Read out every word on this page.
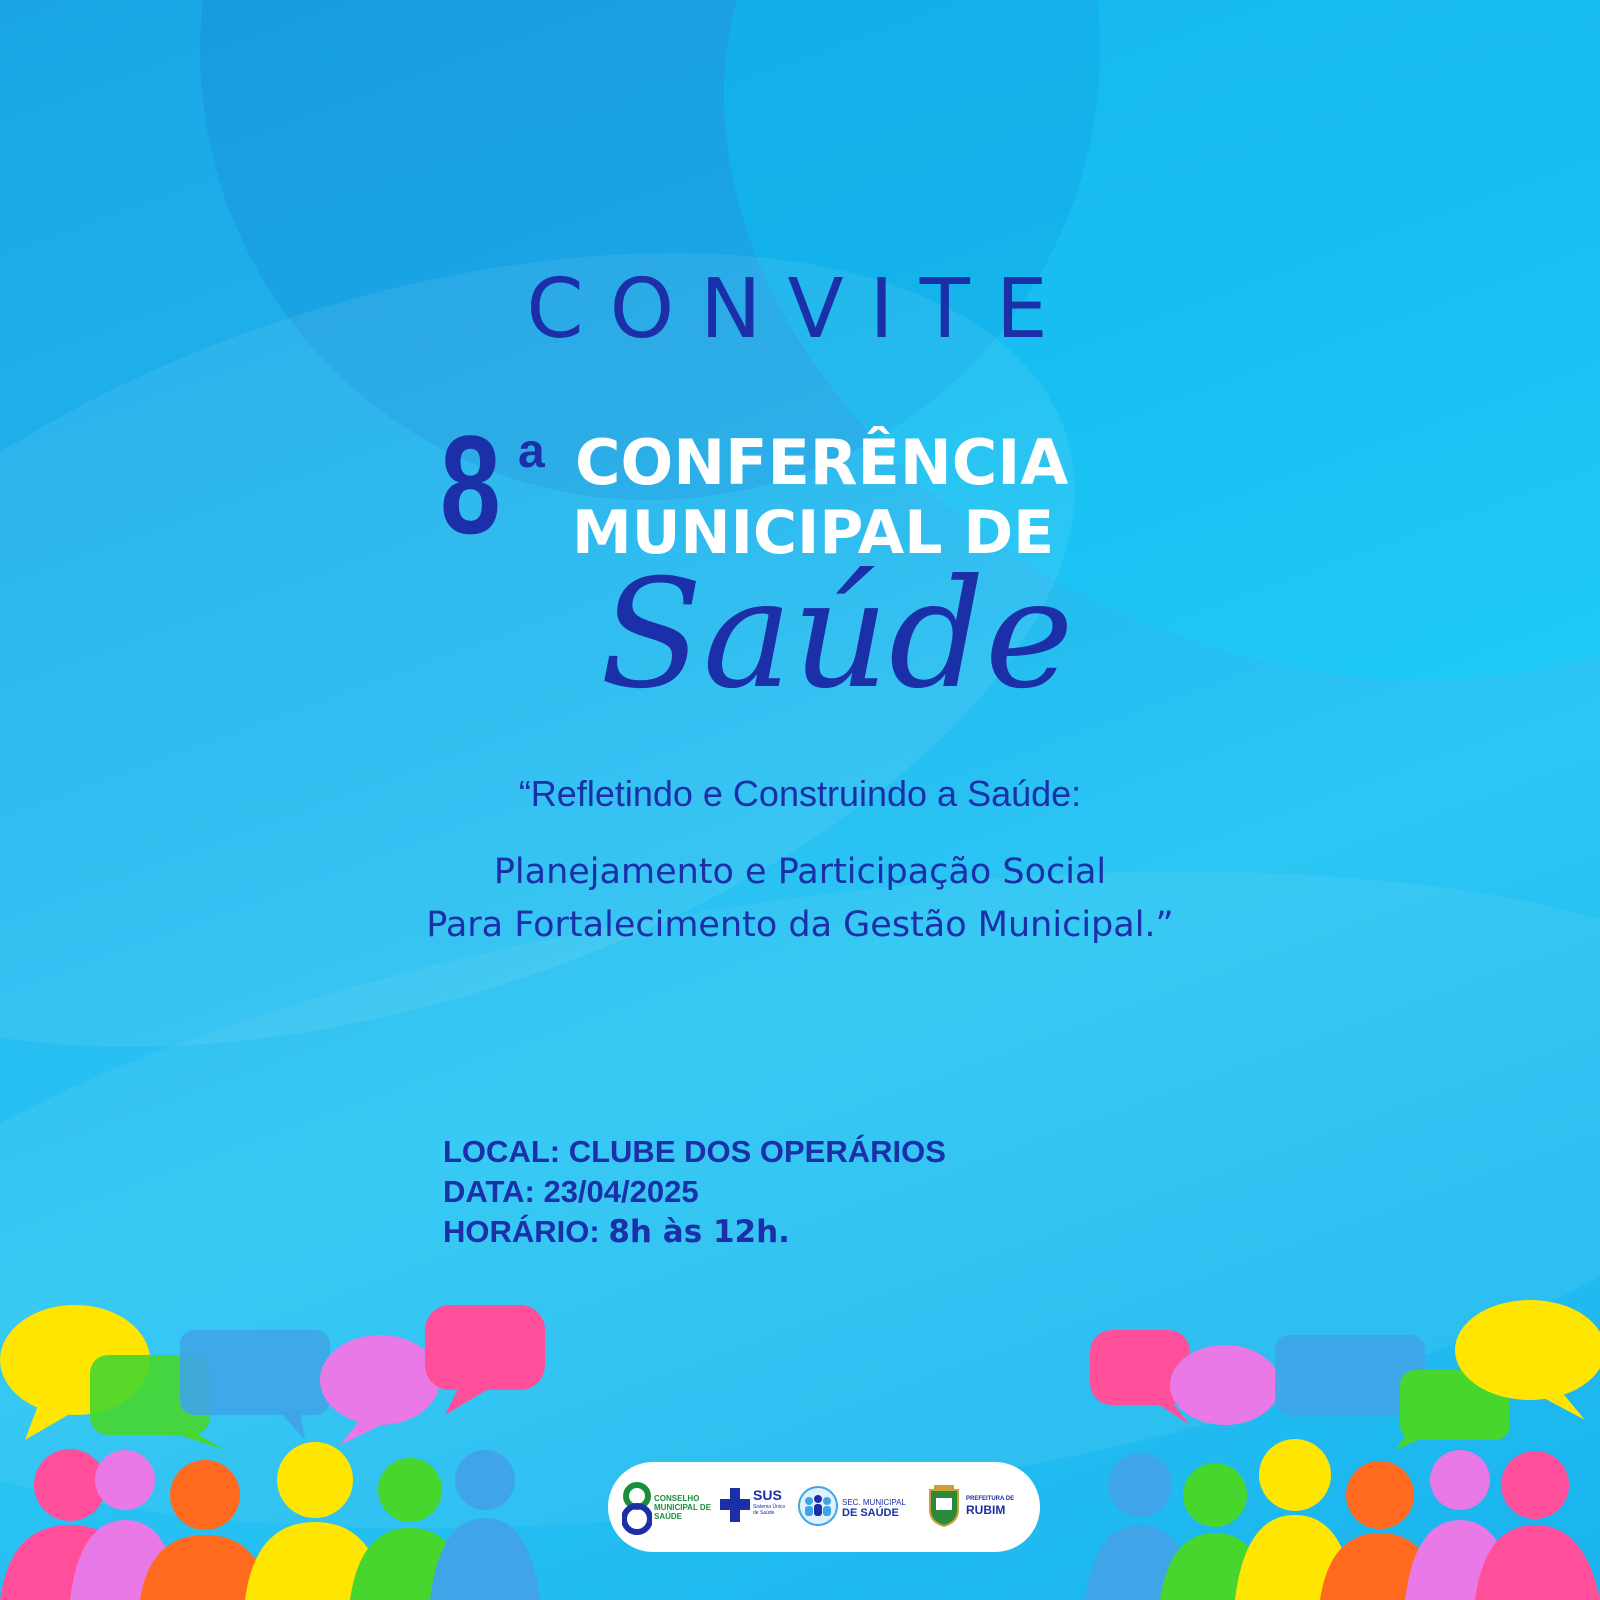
CONVITE
8 a CONFERÊNCIA
MUNICIPAL DE
Saúde
“Refletindo e Construindo a Saúde:
Planejamento e Participação Social
Para Fortalecimento da Gestão Municipal.”
LOCAL: CLUBE DOS OPERÁRIOS
DATA: 23/04/2025
HORÁRIO: 8h às 12h.
CONSELHO MUNICIPAL DE SAÚDE
SUS
Sistema Único de Saúde
SEC. MUNICIPAL
DE SAÚDE
PREFEITURA DE
RUBIM
